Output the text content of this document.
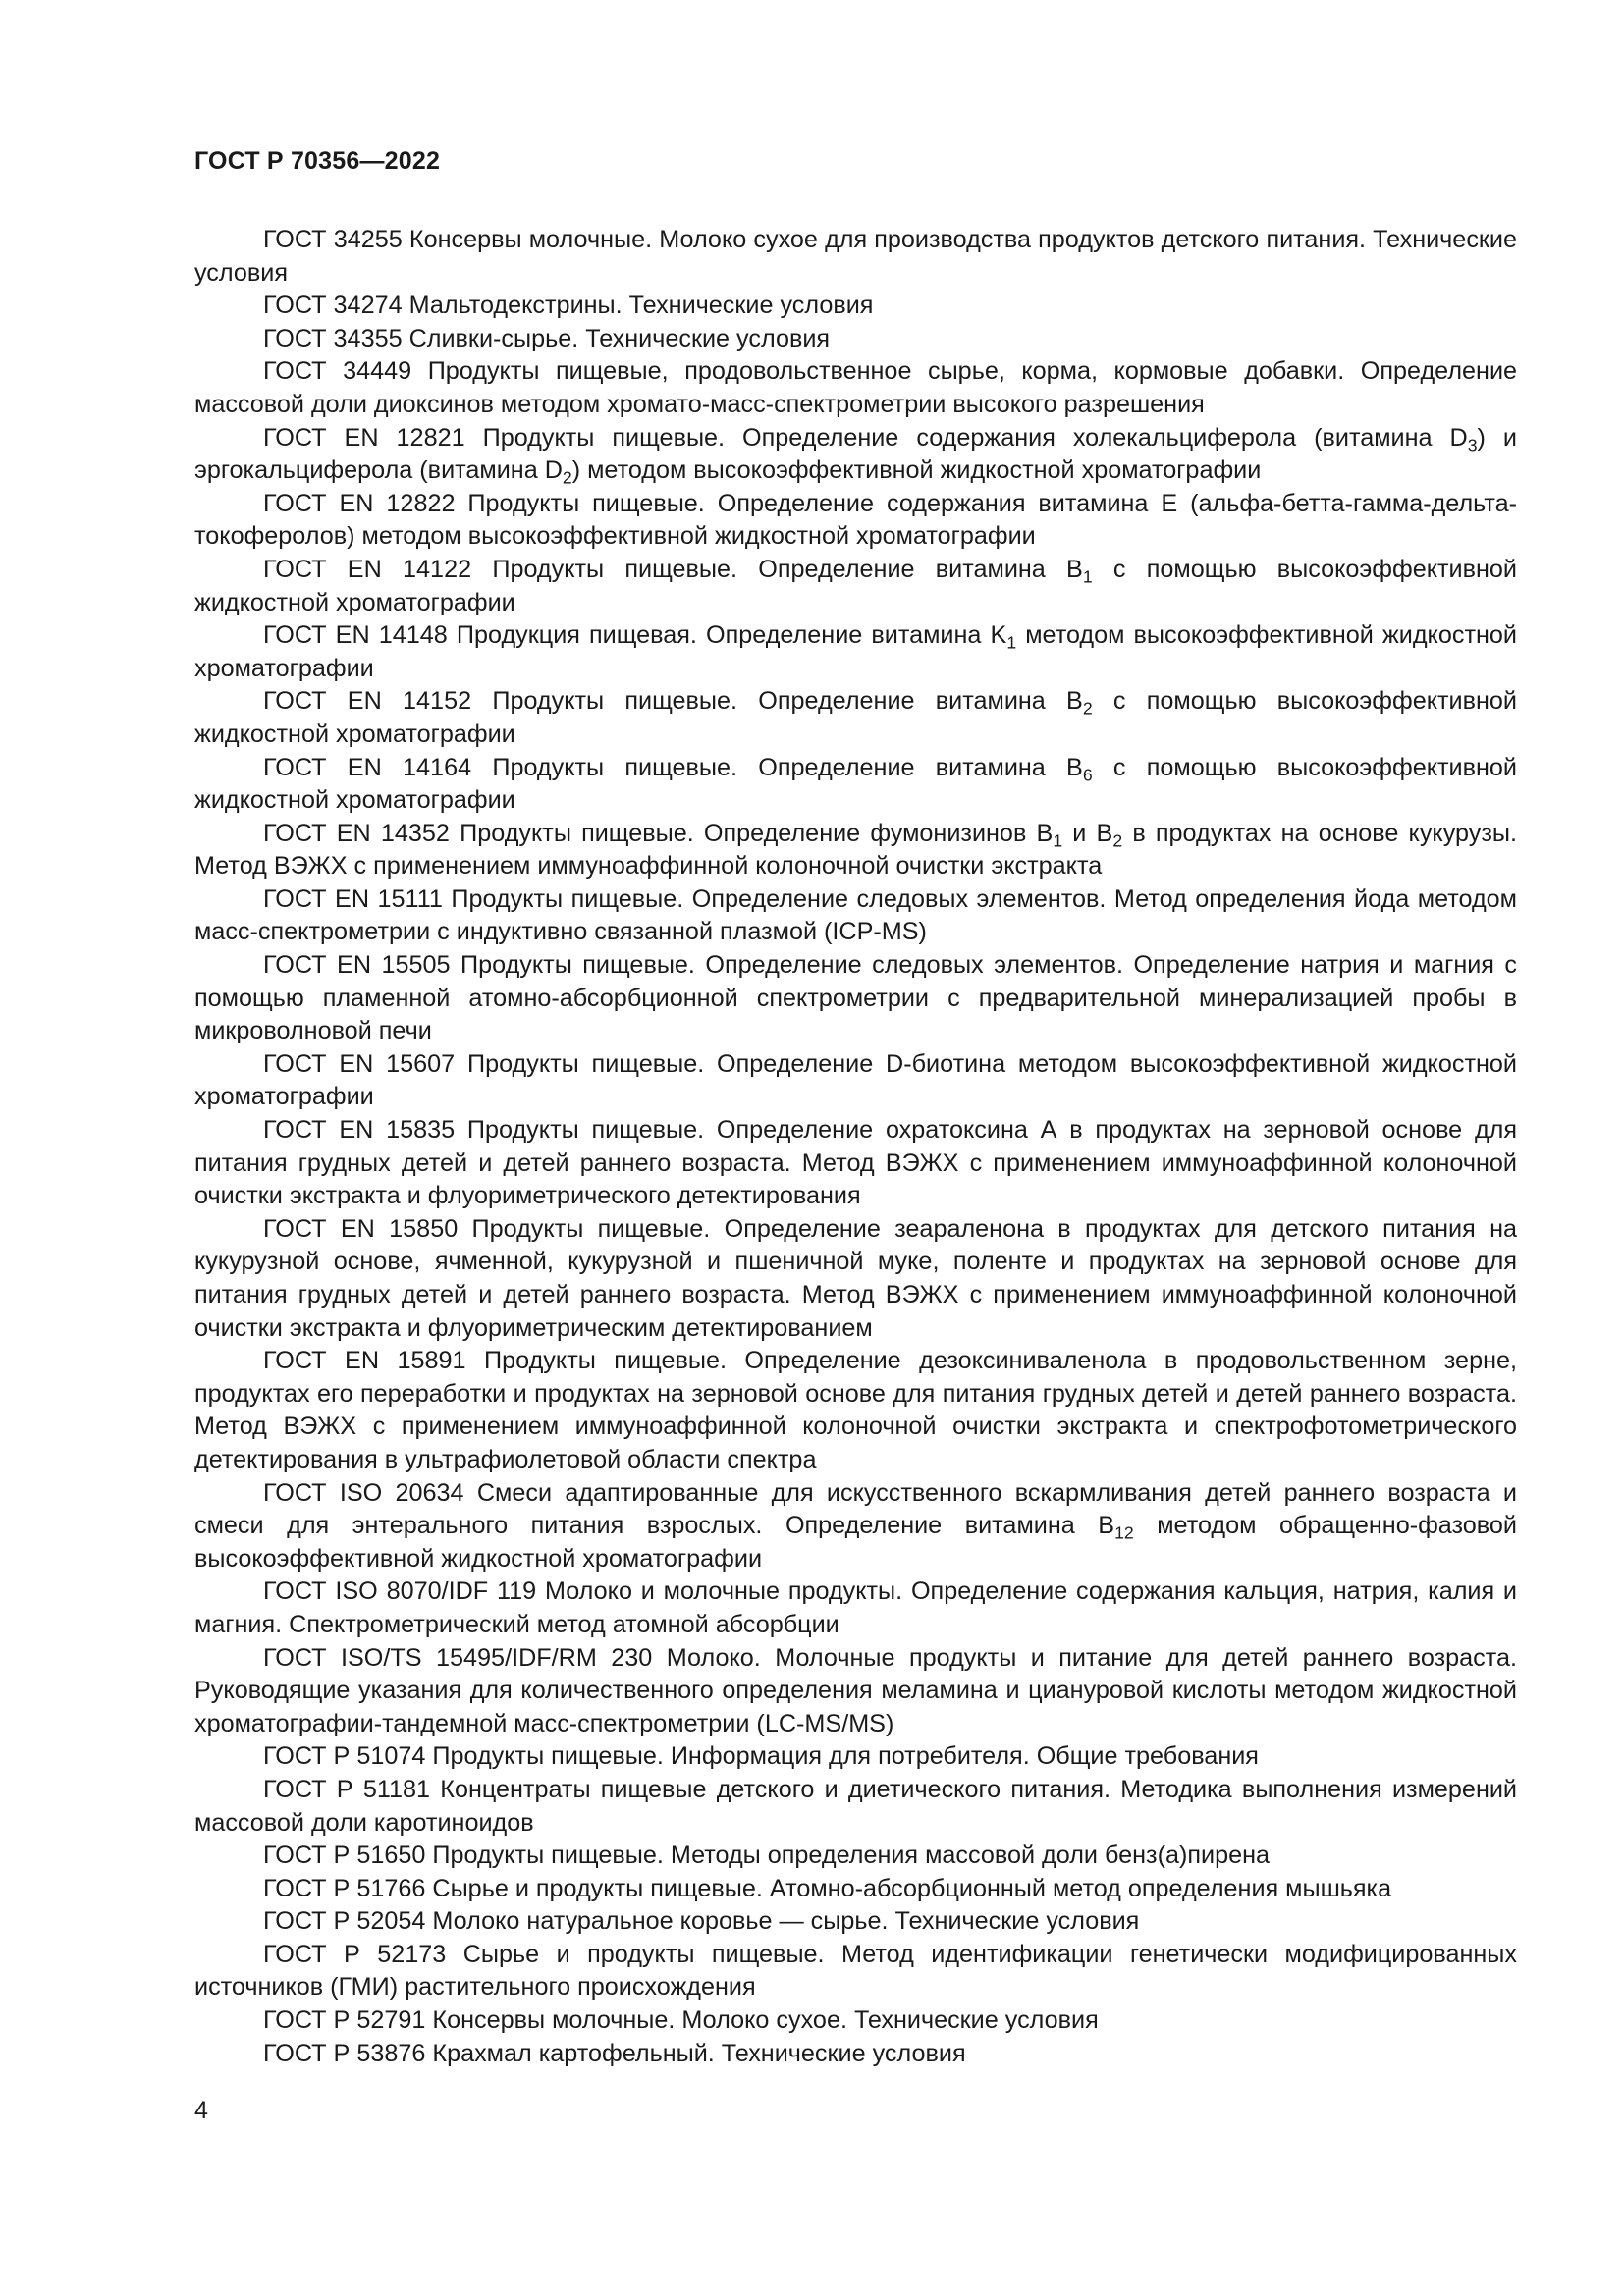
ГОСТ Р 70356—2022

ГОСТ 34255 Консервы молочные. Молоко сухое для производства продуктов детского питания. Технические условия

ГОСТ 34274 Мальтодекстрины. Технические условия

ГОСТ 34355 Сливки-сырье. Технические условия

ГОСТ 34449 Продукты пищевые, продовольственное сырье, корма, кормовые добавки. Определение массовой доли диоксинов методом хромато-масс-спектрометрии высокого разрешения

ГОСТ EN 12821 Продукты пищевые. Определение содержания холекальциферола (витамина $D_3$) и эргокальциферола (витамина $D_2$) методом высокоэффективной жидкостной хроматографии

ГОСТ EN 12822 Продукты пищевые. Определение содержания витамина Е (альфа-бетта-гамма-дельта-токоферолов) методом высокоэффективной жидкостной хроматографии

ГОСТ EN 14122 Продукты пищевые. Определение витамина $В_1$ с помощью высокоэффективной жидкостной хроматографии

ГОСТ EN 14148 Продукция пищевая. Определение витамина $K_1$ методом высокоэффективной жидкостной хроматографии

ГОСТ EN 14152 Продукты пищевые. Определение витамина $В_2$ с помощью высокоэффективной жидкостной хроматографии

ГОСТ EN 14164 Продукты пищевые. Определение витамина $В_6$ с помощью высокоэффективной жидкостной хроматографии

ГОСТ EN 14352 Продукты пищевые. Определение фумонизинов $В_1$ и $В_2$ в продуктах на основе кукурузы. Метод ВЭЖХ с применением иммуноаффинной колоночной очистки экстракта

ГОСТ EN 15111 Продукты пищевые. Определение следовых элементов. Метод определения йода методом масс-спектрометрии с индуктивно связанной плазмой (ICP-MS)

ГОСТ EN 15505 Продукты пищевые. Определение следовых элементов. Определение натрия и магния с помощью пламенной атомно-абсорбционной спектрометрии с предварительной минерализацией пробы в микроволновой печи

ГОСТ EN 15607 Продукты пищевые. Определение D-биотина методом высокоэффективной жидкостной хроматографии

ГОСТ EN 15835 Продукты пищевые. Определение охратоксина А в продуктах на зерновой основе для питания грудных детей и детей раннего возраста. Метод ВЭЖХ с применением иммуноаффинной колоночной очистки экстракта и флуориметрического детектирования

ГОСТ EN 15850 Продукты пищевые. Определение зеараленона в продуктах для детского питания на кукурузной основе, ячменной, кукурузной и пшеничной муке, поленте и продуктах на зерновой основе для питания грудных детей и детей раннего возраста. Метод ВЭЖХ с применением иммуноаффинной колоночной очистки экстракта и флуориметрическим детектированием

ГОСТ EN 15891 Продукты пищевые. Определение дезоксиниваленола в продовольственном зерне, продуктах его переработки и продуктах на зерновой основе для питания грудных детей и детей раннего возраста. Метод ВЭЖХ с применением иммуноаффинной колоночной очистки экстракта и спектрофотометрического детектирования в ультрафиолетовой области спектра

ГОСТ ISO 20634 Смеси адаптированные для искусственного вскармливания детей раннего возраста и смеси для энтерального питания взрослых. Определение витамина $В_{12}$ методом обращенно-фазовой высокоэффективной жидкостной хроматографии

ГОСТ ISO 8070/IDF 119 Молоко и молочные продукты. Определение содержания кальция, натрия, калия и магния. Спектрометрический метод атомной абсорбции

ГОСТ ISO/TS 15495/IDF/RM 230 Молоко. Молочные продукты и питание для детей раннего возраста. Руководящие указания для количественного определения меламина и циануровой кислоты методом жидкостной хроматографии-тандемной масс-спектрометрии (LC-MS/MS)

ГОСТ Р 51074 Продукты пищевые. Информация для потребителя. Общие требования

ГОСТ Р 51181 Концентраты пищевые детского и диетического питания. Методика выполнения измерений массовой доли каротиноидов

ГОСТ Р 51650 Продукты пищевые. Методы определения массовой доли бенз(а)пирена

ГОСТ Р 51766 Сырье и продукты пищевые. Атомно-абсорбционный метод определения мышьяка

ГОСТ Р 52054 Молоко натуральное коровье — сырье. Технические условия

ГОСТ Р 52173 Сырье и продукты пищевые. Метод идентификации генетически модифицированных источников (ГМИ) растительного происхождения

ГОСТ Р 52791 Консервы молочные. Молоко сухое. Технические условия

ГОСТ Р 53876 Крахмал картофельный. Технические условия

4
